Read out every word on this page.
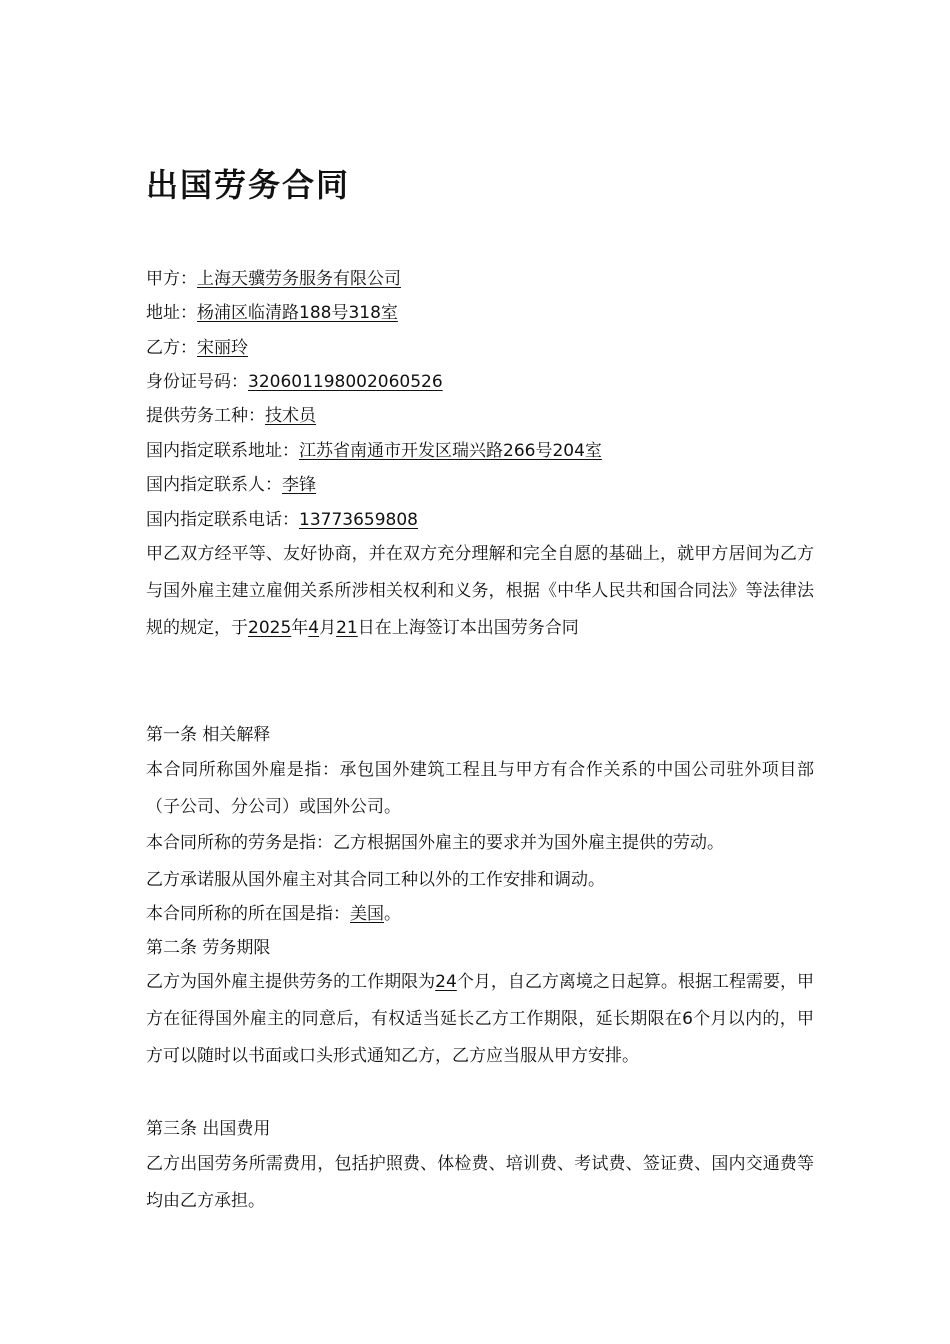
出国劳务合同
甲方：上海天骥劳务服务有限公司
地址：杨浦区临清路188号318室
乙方：宋丽玲
身份证号码：320601198002060526
提供劳务工种：技术员
国内指定联系地址：江苏省南通市开发区瑞兴路266号204室
国内指定联系人：李锋
国内指定联系电话：13773659808
甲乙双方经平等、友好协商，并在双方充分理解和完全自愿的基础上，就甲方居间为乙方与国外雇主建立雇佣关系所涉相关权利和义务，根据《中华人民共和国合同法》等法律法规的规定，于2025年4月21日在上海签订本出国劳务合同
第一条 相关解释
本合同所称国外雇是指：承包国外建筑工程且与甲方有合作关系的中国公司驻外项目部（子公司、分公司）或国外公司。
本合同所称的劳务是指：乙方根据国外雇主的要求并为国外雇主提供的劳动。
乙方承诺服从国外雇主对其合同工种以外的工作安排和调动。
本合同所称的所在国是指：美国。
第二条 劳务期限
乙方为国外雇主提供劳务的工作期限为24个月，自乙方离境之日起算。根据工程需要，甲方在征得国外雇主的同意后，有权适当延长乙方工作期限，延长期限在6个月以内的，甲方可以随时以书面或口头形式通知乙方，乙方应当服从甲方安排。
第三条 出国费用
乙方出国劳务所需费用，包括护照费、体检费、培训费、考试费、签证费、国内交通费等均由乙方承担。
